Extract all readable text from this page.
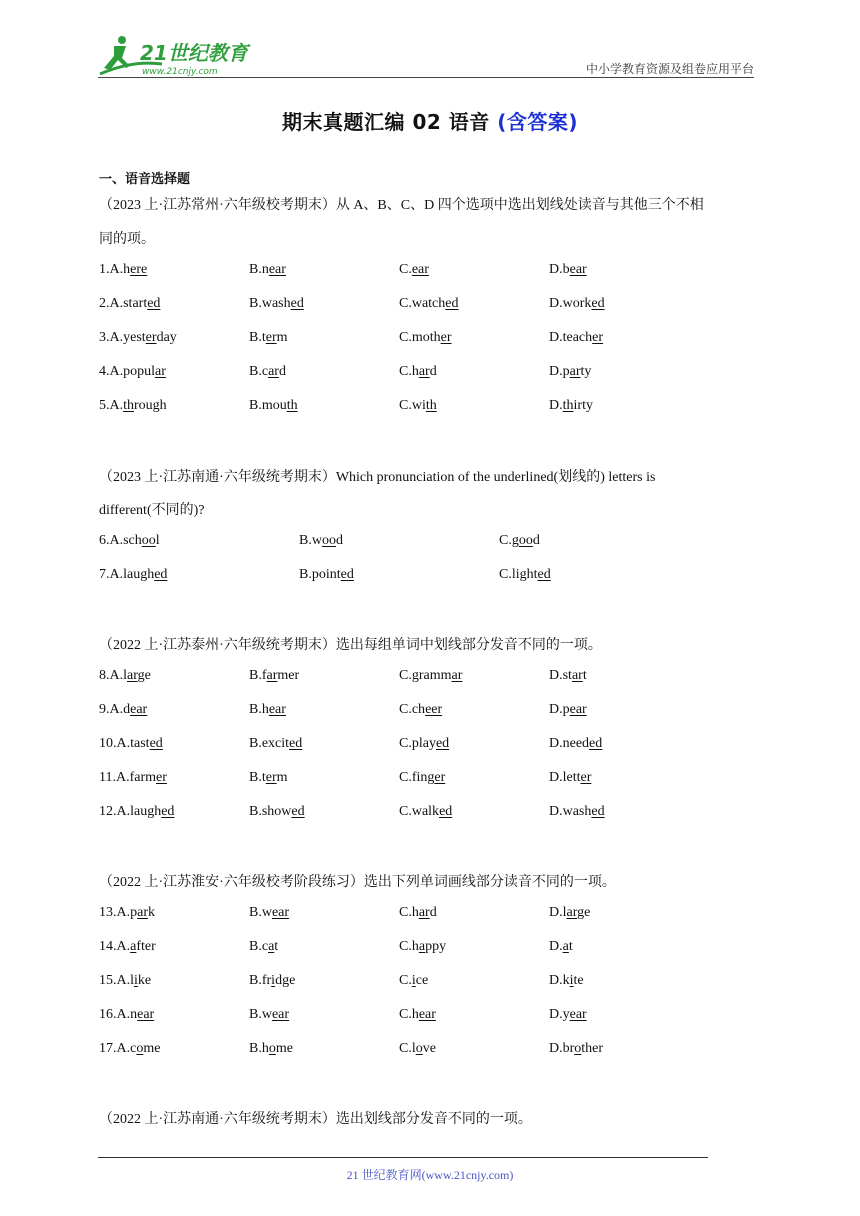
21世纪教育
www.21cnjy.com	中小学教育资源及组卷应用平台
期末真题汇编 02 语音 (含答案)
一、语音选择题
（2023 上·江苏常州·六年级校考期末）从 A、B、C、D 四个选项中选出划线处读音与其他三个不相
同的项。
1.A.here	B.near	C.ear	D.bear
2.A.started	B.washed	C.watched	D.worked
3.A.yesterday	B.term	C.mother	D.teacher
4.A.popular	B.card	C.hard	D.party
5.A.through	B.mouth	C.with	D.thirty
（2023 上·江苏南通·六年级统考期末）Which pronunciation of the underlined(划线的) letters is
different(不同的)?
6.A.school	B.wood	C.good
7.A.laughed	B.pointed	C.lighted
（2022 上·江苏泰州·六年级统考期末）选出每组单词中划线部分发音不同的一项。
8.A.large	B.farmer	C.grammar	D.start
9.A.dear	B.hear	C.cheer	D.pear
10.A.tasted	B.excited	C.played	D.needed
11.A.farmer	B.term	C.finger	D.letter
12.A.laughed	B.showed	C.walked	D.washed
（2022 上·江苏淮安·六年级校考阶段练习）选出下列单词画线部分读音不同的一项。
13.A.park	B.wear	C.hard	D.large
14.A.after	B.cat	C.happy	D.at
15.A.like	B.fridge	C.ice	D.kite
16.A.near	B.wear	C.hear	D.year
17.A.come	B.home	C.love	D.brother
（2022 上·江苏南通·六年级统考期末）选出划线部分发音不同的一项。
21 世纪教育网(www.21cnjy.com)
